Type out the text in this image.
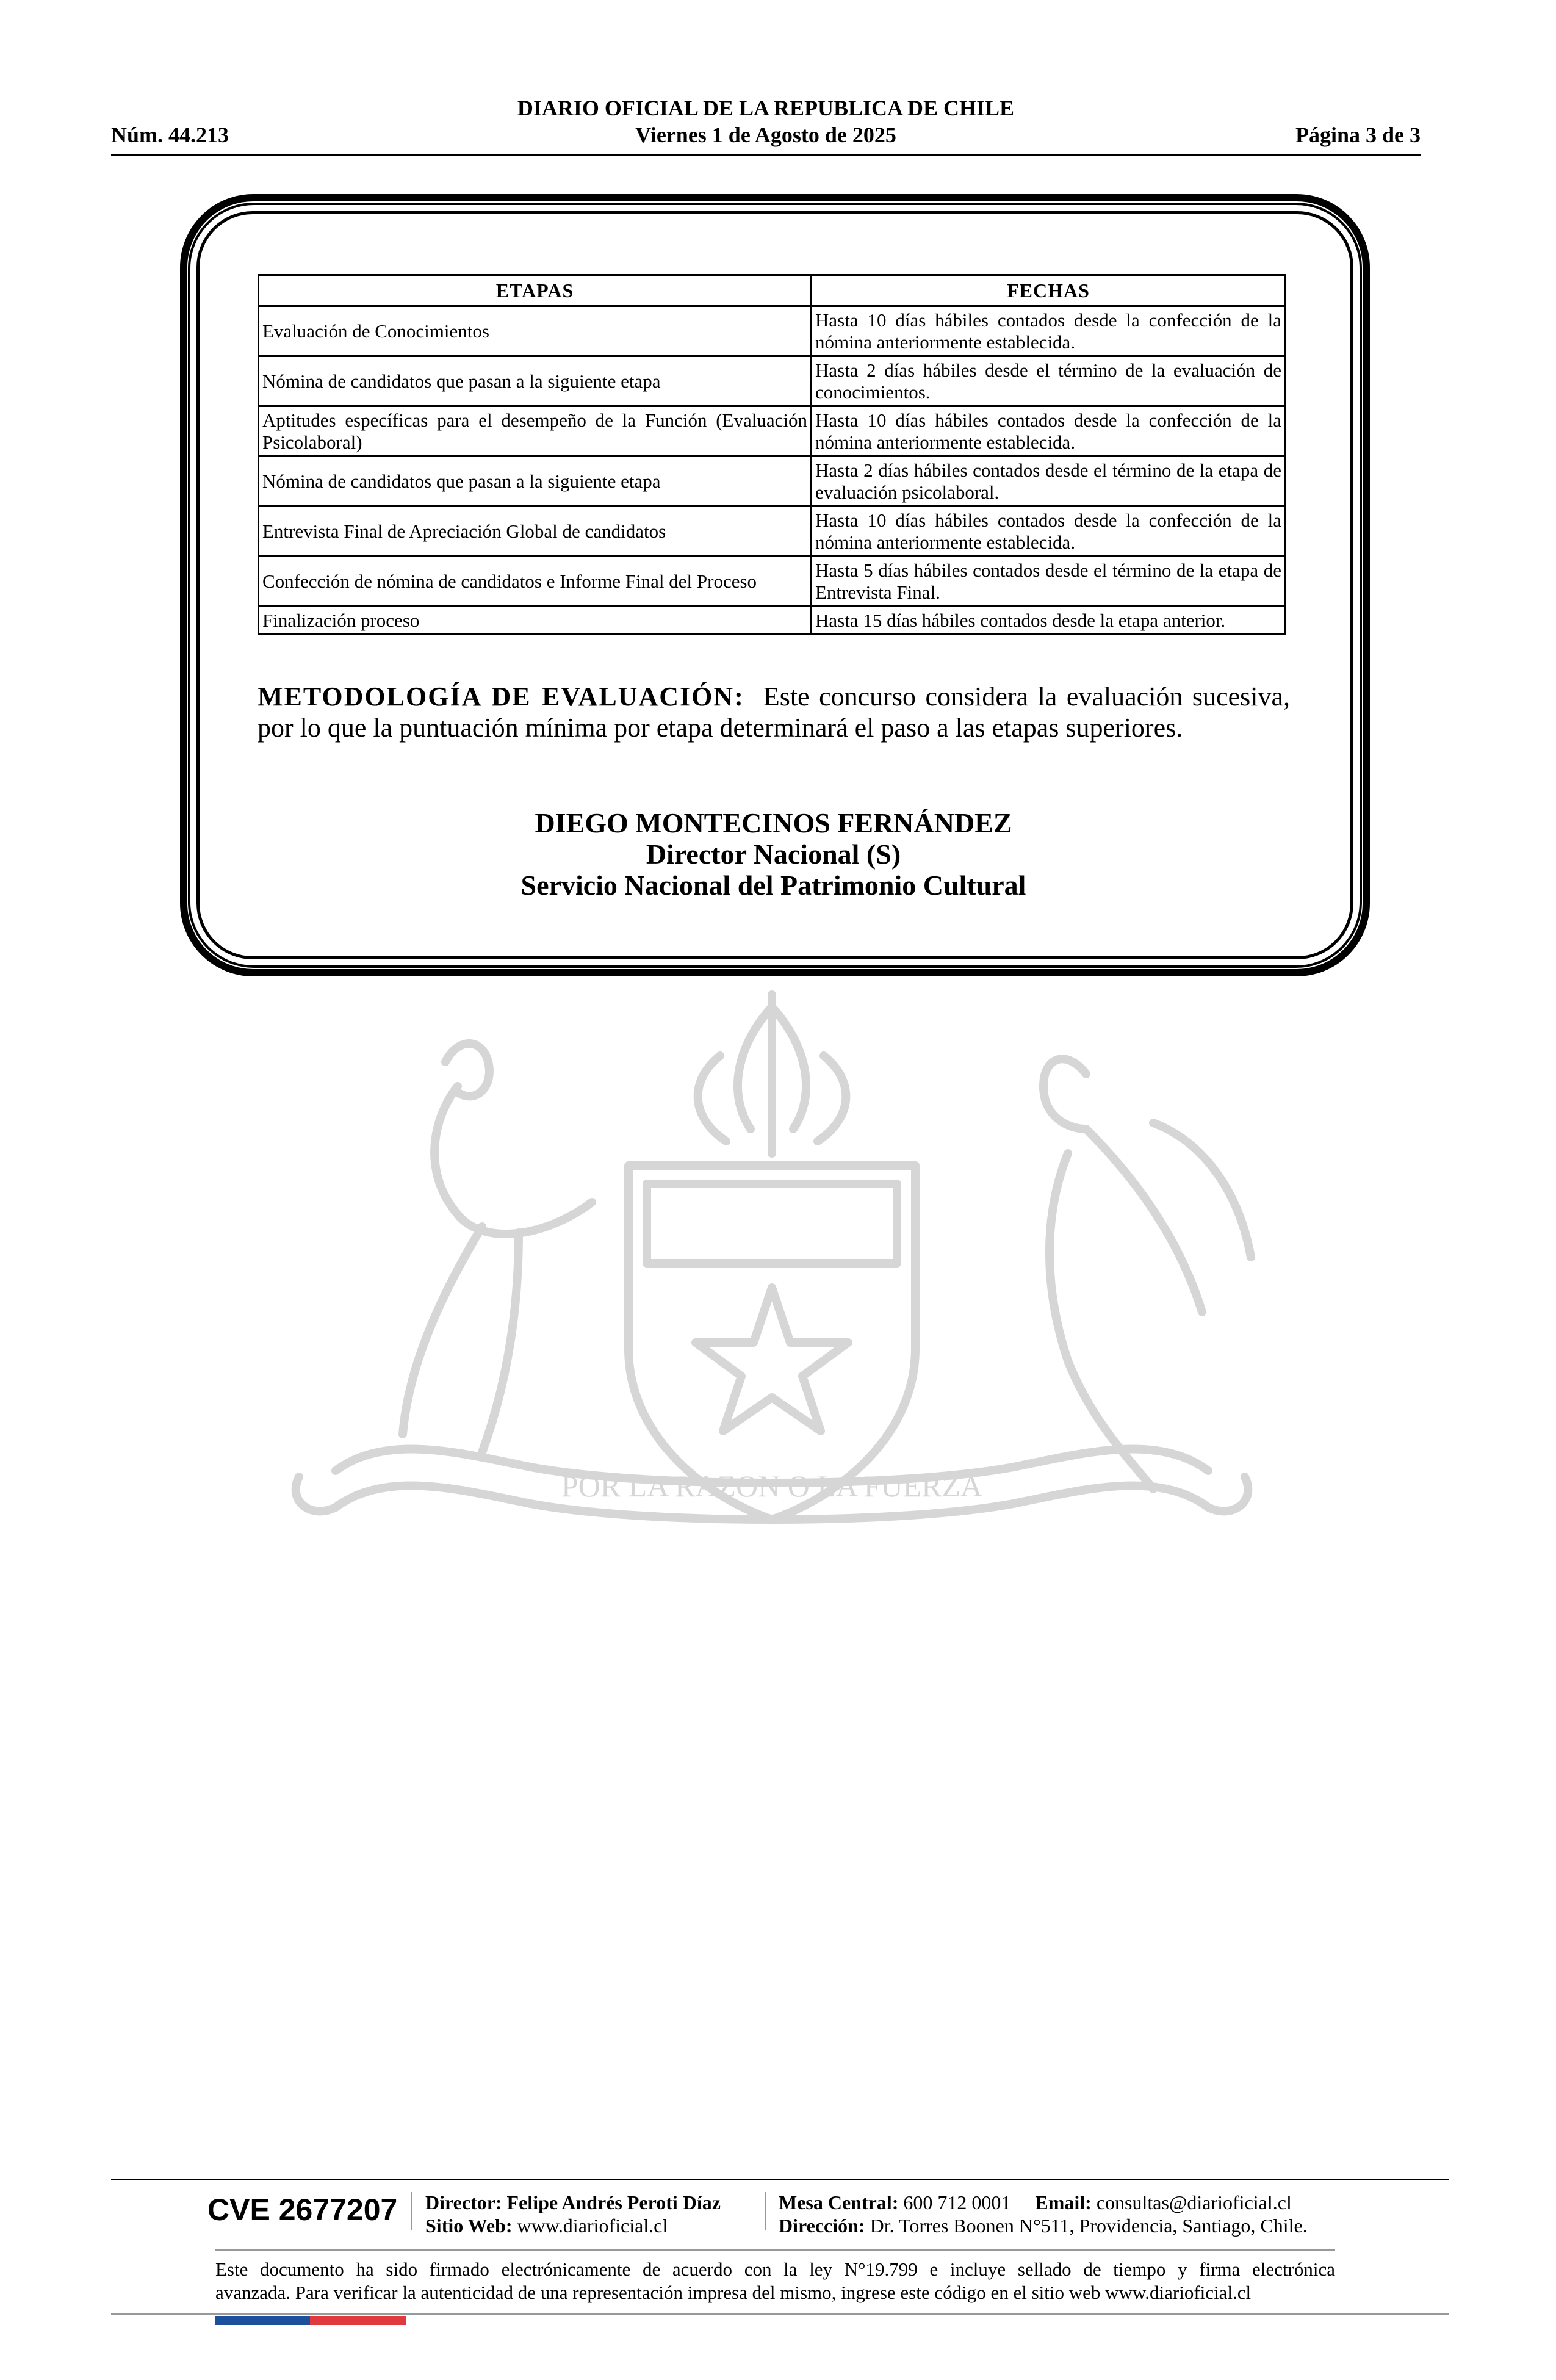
DIARIO OFICIAL DE LA REPUBLICA DE CHILE
Viernes 1 de Agosto de 2025
Núm. 44.213	Página 3 de 3
POR LA RAZON O LA FUERZA
ETAPAS	FECHAS
Evaluación de Conocimientos	Hasta 10 días hábiles contados desde la confección de la nómina anteriormente establecida.
Nómina de candidatos que pasan a la siguiente etapa	Hasta 2 días hábiles desde el término de la evaluación de conocimientos.
Aptitudes específicas para el desempeño de la Función (Evaluación Psicolaboral)	Hasta 10 días hábiles contados desde la confección de la nómina anteriormente establecida.
Nómina de candidatos que pasan a la siguiente etapa	Hasta 2 días hábiles contados desde el término de la etapa de evaluación psicolaboral.
Entrevista Final de Apreciación Global de candidatos	Hasta 10 días hábiles contados desde la confección de la nómina anteriormente establecida.
Confección de nómina de candidatos e Informe Final del Proceso	Hasta 5 días hábiles contados desde el término de la etapa de Entrevista Final.
Finalización proceso	Hasta 15 días hábiles contados desde la etapa anterior.
METODOLOGÍA DE EVALUACIÓN: Este concurso considera la evaluación sucesiva, por lo que la puntuación mínima por etapa determinará el paso a las etapas superiores.
DIEGO MONTECINOS FERNÁNDEZ
Director Nacional (S)
Servicio Nacional del Patrimonio Cultural
CVE 2677207 Director: Felipe Andrés Peroti Díaz
Sitio Web: www.diarioficial.cl
Mesa Central: 600 712 0001 Email: consultas@diarioficial.cl
Dirección: Dr. Torres Boonen N°511, Providencia, Santiago, Chile.
Este documento ha sido firmado electrónicamente de acuerdo con la ley N°19.799 e incluye sellado de tiempo y firma electrónica
avanzada. Para verificar la autenticidad de una representación impresa del mismo, ingrese este código en el sitio web www.diarioficial.cl
